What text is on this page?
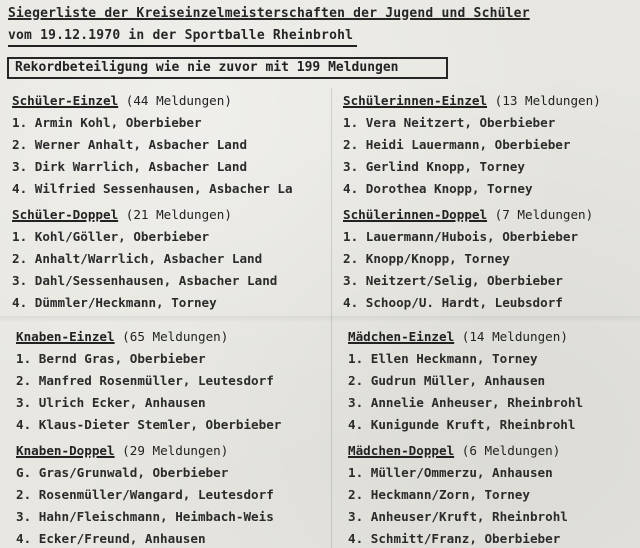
Siegerliste der Kreiseinzelmeisterschaften der Jugend und Schüler
vom 19.12.1970 in der Sportballe Rheinbrohl
Rekordbeteiligung wie nie zuvor mit 199 Meldungen
Schüler-Einzel (44 Meldungen)
1. Armin Kohl, Oberbieber
2. Werner Anhalt, Asbacher Land
3. Dirk Warrlich, Asbacher Land
4. Wilfried Sessenhausen, Asbacher La
Schülerinnen-Einzel (13 Meldungen)
1. Vera Neitzert, Oberbieber
2. Heidi Lauermann, Oberbieber
3. Gerlind Knopp, Torney
4. Dorothea Knopp, Torney
Schüler-Doppel (21 Meldungen)
1. Kohl/Göller, Oberbieber
2. Anhalt/Warrlich, Asbacher Land
3. Dahl/Sessenhausen, Asbacher Land
4. Dümmler/Heckmann, Torney
Schülerinnen-Doppel (7 Meldungen)
1. Lauermann/Hubois, Oberbieber
2. Knopp/Knopp, Torney
3. Neitzert/Selig, Oberbieber
4. Schoop/U. Hardt, Leubsdorf
Knaben-Einzel (65 Meldungen)
1. Bernd Gras, Oberbieber
2. Manfred Rosenmüller, Leutesdorf
3. Ulrich Ecker, Anhausen
4. Klaus-Dieter Stemler, Oberbieber
Mädchen-Einzel (14 Meldungen)
1. Ellen Heckmann, Torney
2. Gudrun Müller, Anhausen
3. Annelie Anheuser, Rheinbrohl
4. Kunigunde Kruft, Rheinbrohl
Knaben-Doppel (29 Meldungen)
G. Gras/Grunwald, Oberbieber
2. Rosenmüller/Wangard, Leutesdorf
3. Hahn/Fleischmann, Heimbach-Weis
4. Ecker/Freund, Anhausen
Mädchen-Doppel (6 Meldungen)
1. Müller/Ommerzu, Anhausen
2. Heckmann/Zorn, Torney
3. Anheuser/Kruft, Rheinbrohl
4. Schmitt/Franz, Oberbieber
